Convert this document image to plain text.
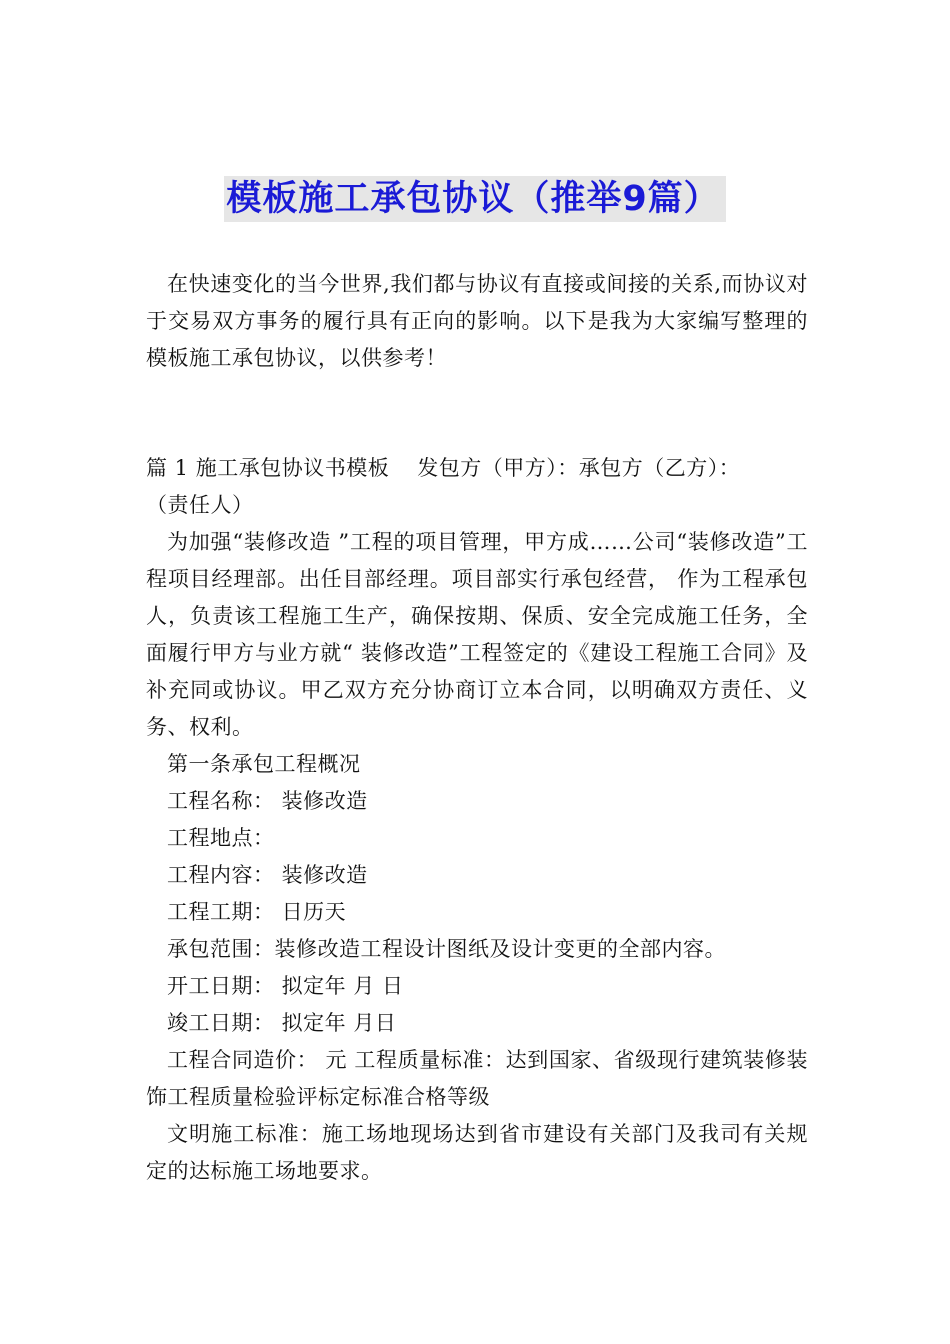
模板施工承包协议（推举9篇）

在快速变化的当今世界,我们都与协议有直接或间接的关系,而协议对于交易双方事务的履行具有正向的影响。以下是我为大家编写整理的模板施工承包协议，以供参考！

篇 1 施工承包协议书模板 发包方（甲方）：承包方（乙方）：

（责任人）

为加强“装修改造 ”工程的项目管理，甲方成……公司“装修改造”工程项目经理部。出任目部经理。项目部实行承包经营， 作为工程承包人，负责该工程施工生产，确保按期、保质、安全完成施工任务，全面履行甲方与业方就“ 装修改造”工程签定的《建设工程施工合同》及补充同或协议。甲乙双方充分协商订立本合同，以明确双方责任、义务、权利。

第一条承包工程概况

工程名称： 装修改造

工程地点：

工程内容： 装修改造

工程工期： 日历天

承包范围：装修改造工程设计图纸及设计变更的全部内容。

开工日期： 拟定年 月 日

竣工日期： 拟定年 月日

工程合同造价： 元 工程质量标准：达到国家、省级现行建筑装修装饰工程质量检验评标定标准合格等级

文明施工标准：施工场地现场达到省市建设有关部门及我司有关规定的达标施工场地要求。
